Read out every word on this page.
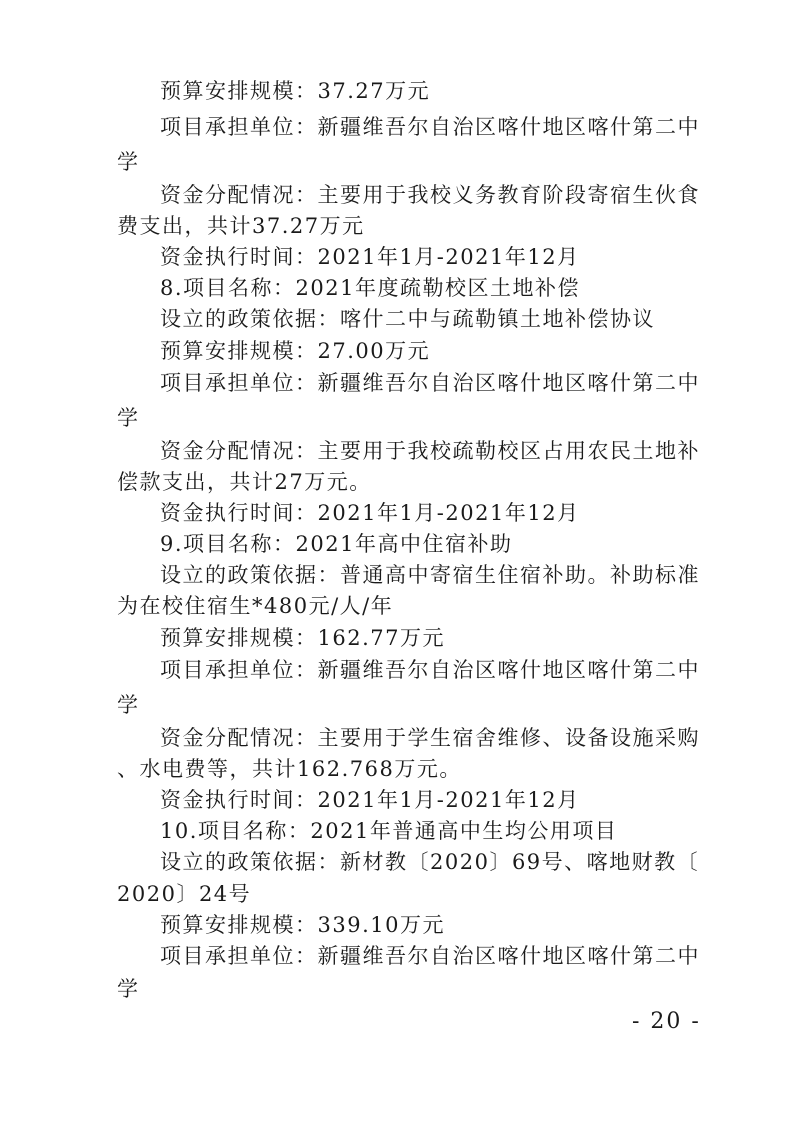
预算安排规模：37.27万元

项目承担单位：新疆维吾尔自治区喀什地区喀什第二中

学

资金分配情况：主要用于我校义务教育阶段寄宿生伙食

费支出，共计37.27万元

资金执行时间：2021年1月-2021年12月

8.项目名称：2021年度疏勒校区土地补偿

设立的政策依据：喀什二中与疏勒镇土地补偿协议

预算安排规模：27.00万元

项目承担单位：新疆维吾尔自治区喀什地区喀什第二中

学

资金分配情况：主要用于我校疏勒校区占用农民土地补

偿款支出，共计27万元。

资金执行时间：2021年1月-2021年12月

9.项目名称：2021年高中住宿补助

设立的政策依据：普通高中寄宿生住宿补助。补助标准

为在校住宿生*480元/人/年

预算安排规模：162.77万元

项目承担单位：新疆维吾尔自治区喀什地区喀什第二中

学

资金分配情况：主要用于学生宿舍维修、设备设施采购

、水电费等，共计162.768万元。

资金执行时间：2021年1月-2021年12月

10.项目名称：2021年普通高中生均公用项目

设立的政策依据：新材教〔2020〕69号、喀地财教〔

2020〕24号

预算安排规模：339.10万元

项目承担单位：新疆维吾尔自治区喀什地区喀什第二中

学

- 20 -
